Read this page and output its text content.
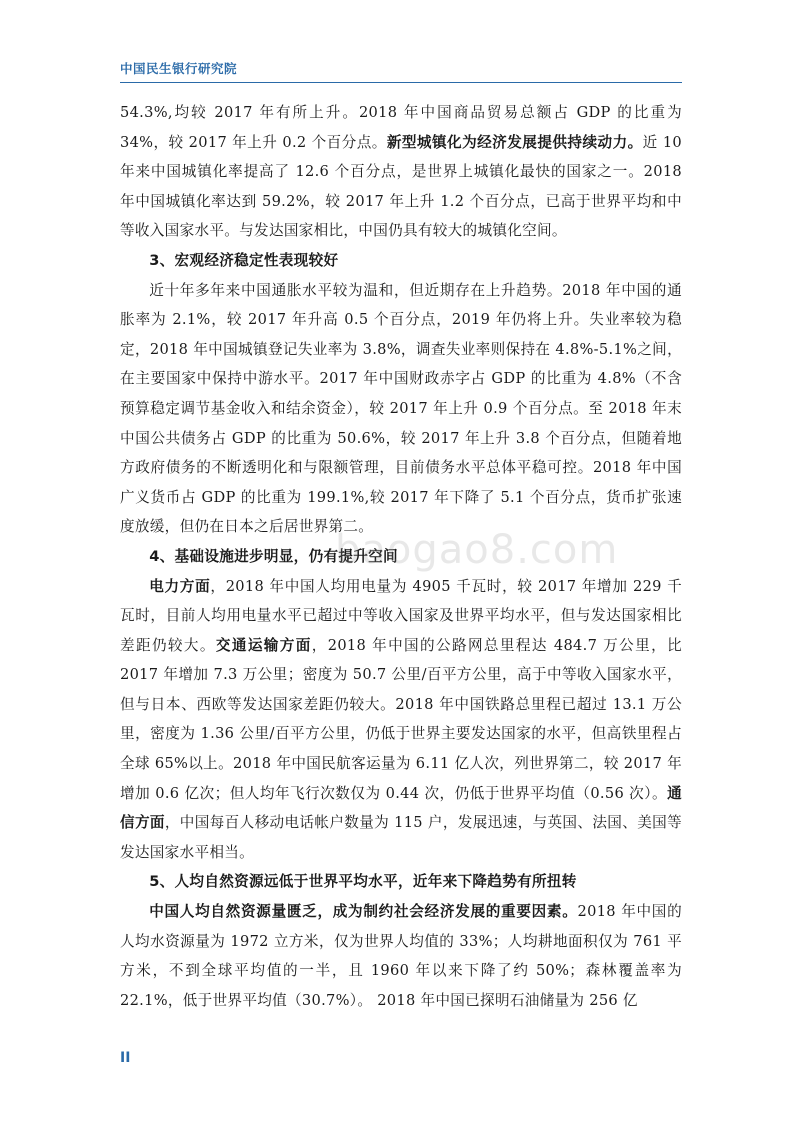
中国民生银行研究院

54.3%,均较 2017 年有所上升。2018 年中国商品贸易总额占 GDP 的比重为 34%，较 2017 年上升 0.2 个百分点。新型城镇化为经济发展提供持续动力。近 10 年来中国城镇化率提高了 12.6 个百分点，是世界上城镇化最快的国家之一。2018 年中国城镇化率达到 59.2%，较 2017 年上升 1.2 个百分点，已高于世界平均和中等收入国家水平。与发达国家相比，中国仍具有较大的城镇化空间。

3、宏观经济稳定性表现较好

近十年多年来中国通胀水平较为温和，但近期存在上升趋势。2018 年中国的通胀率为 2.1%，较 2017 年升高 0.5 个百分点，2019 年仍将上升。失业率较为稳定，2018 年中国城镇登记失业率为 3.8%，调查失业率则保持在 4.8%-5.1%之间，在主要国家中保持中游水平。2017 年中国财政赤字占 GDP 的比重为 4.8%（不含预算稳定调节基金收入和结余资金），较 2017 年上升 0.9 个百分点。至 2018 年末中国公共债务占 GDP 的比重为 50.6%，较 2017 年上升 3.8 个百分点，但随着地方政府债务的不断透明化和与限额管理，目前债务水平总体平稳可控。2018 年中国广义货币占 GDP 的比重为 199.1%,较 2017 年下降了 5.1 个百分点，货币扩张速度放缓，但仍在日本之后居世界第二。

4、基础设施进步明显，仍有提升空间

电力方面，2018 年中国人均用电量为 4905 千瓦时，较 2017 年增加 229 千瓦时，目前人均用电量水平已超过中等收入国家及世界平均水平，但与发达国家相比差距仍较大。交通运输方面，2018 年中国的公路网总里程达 484.7 万公里，比 2017 年增加 7.3 万公里；密度为 50.7 公里/百平方公里，高于中等收入国家水平，但与日本、西欧等发达国家差距仍较大。2018 年中国铁路总里程已超过 13.1 万公里，密度为 1.36 公里/百平方公里，仍低于世界主要发达国家的水平，但高铁里程占全球 65%以上。2018 年中国民航客运量为 6.11 亿人次，列世界第二，较 2017 年增加 0.6 亿次；但人均年飞行次数仅为 0.44 次，仍低于世界平均值（0.56 次）。通信方面，中国每百人移动电话帐户数量为 115 户，发展迅速，与英国、法国、美国等发达国家水平相当。

5、人均自然资源远低于世界平均水平，近年来下降趋势有所扭转

中国人均自然资源量匮乏，成为制约社会经济发展的重要因素。2018 年中国的人均水资源量为 1972 立方米，仅为世界人均值的 33%；人均耕地面积仅为 761 平方米，不到全球平均值的一半，且 1960 年以来下降了约 50%；森林覆盖率为 22.1%，低于世界平均值（30.7%）。 2018 年中国已探明石油储量为 256 亿

baogao8.com
II
